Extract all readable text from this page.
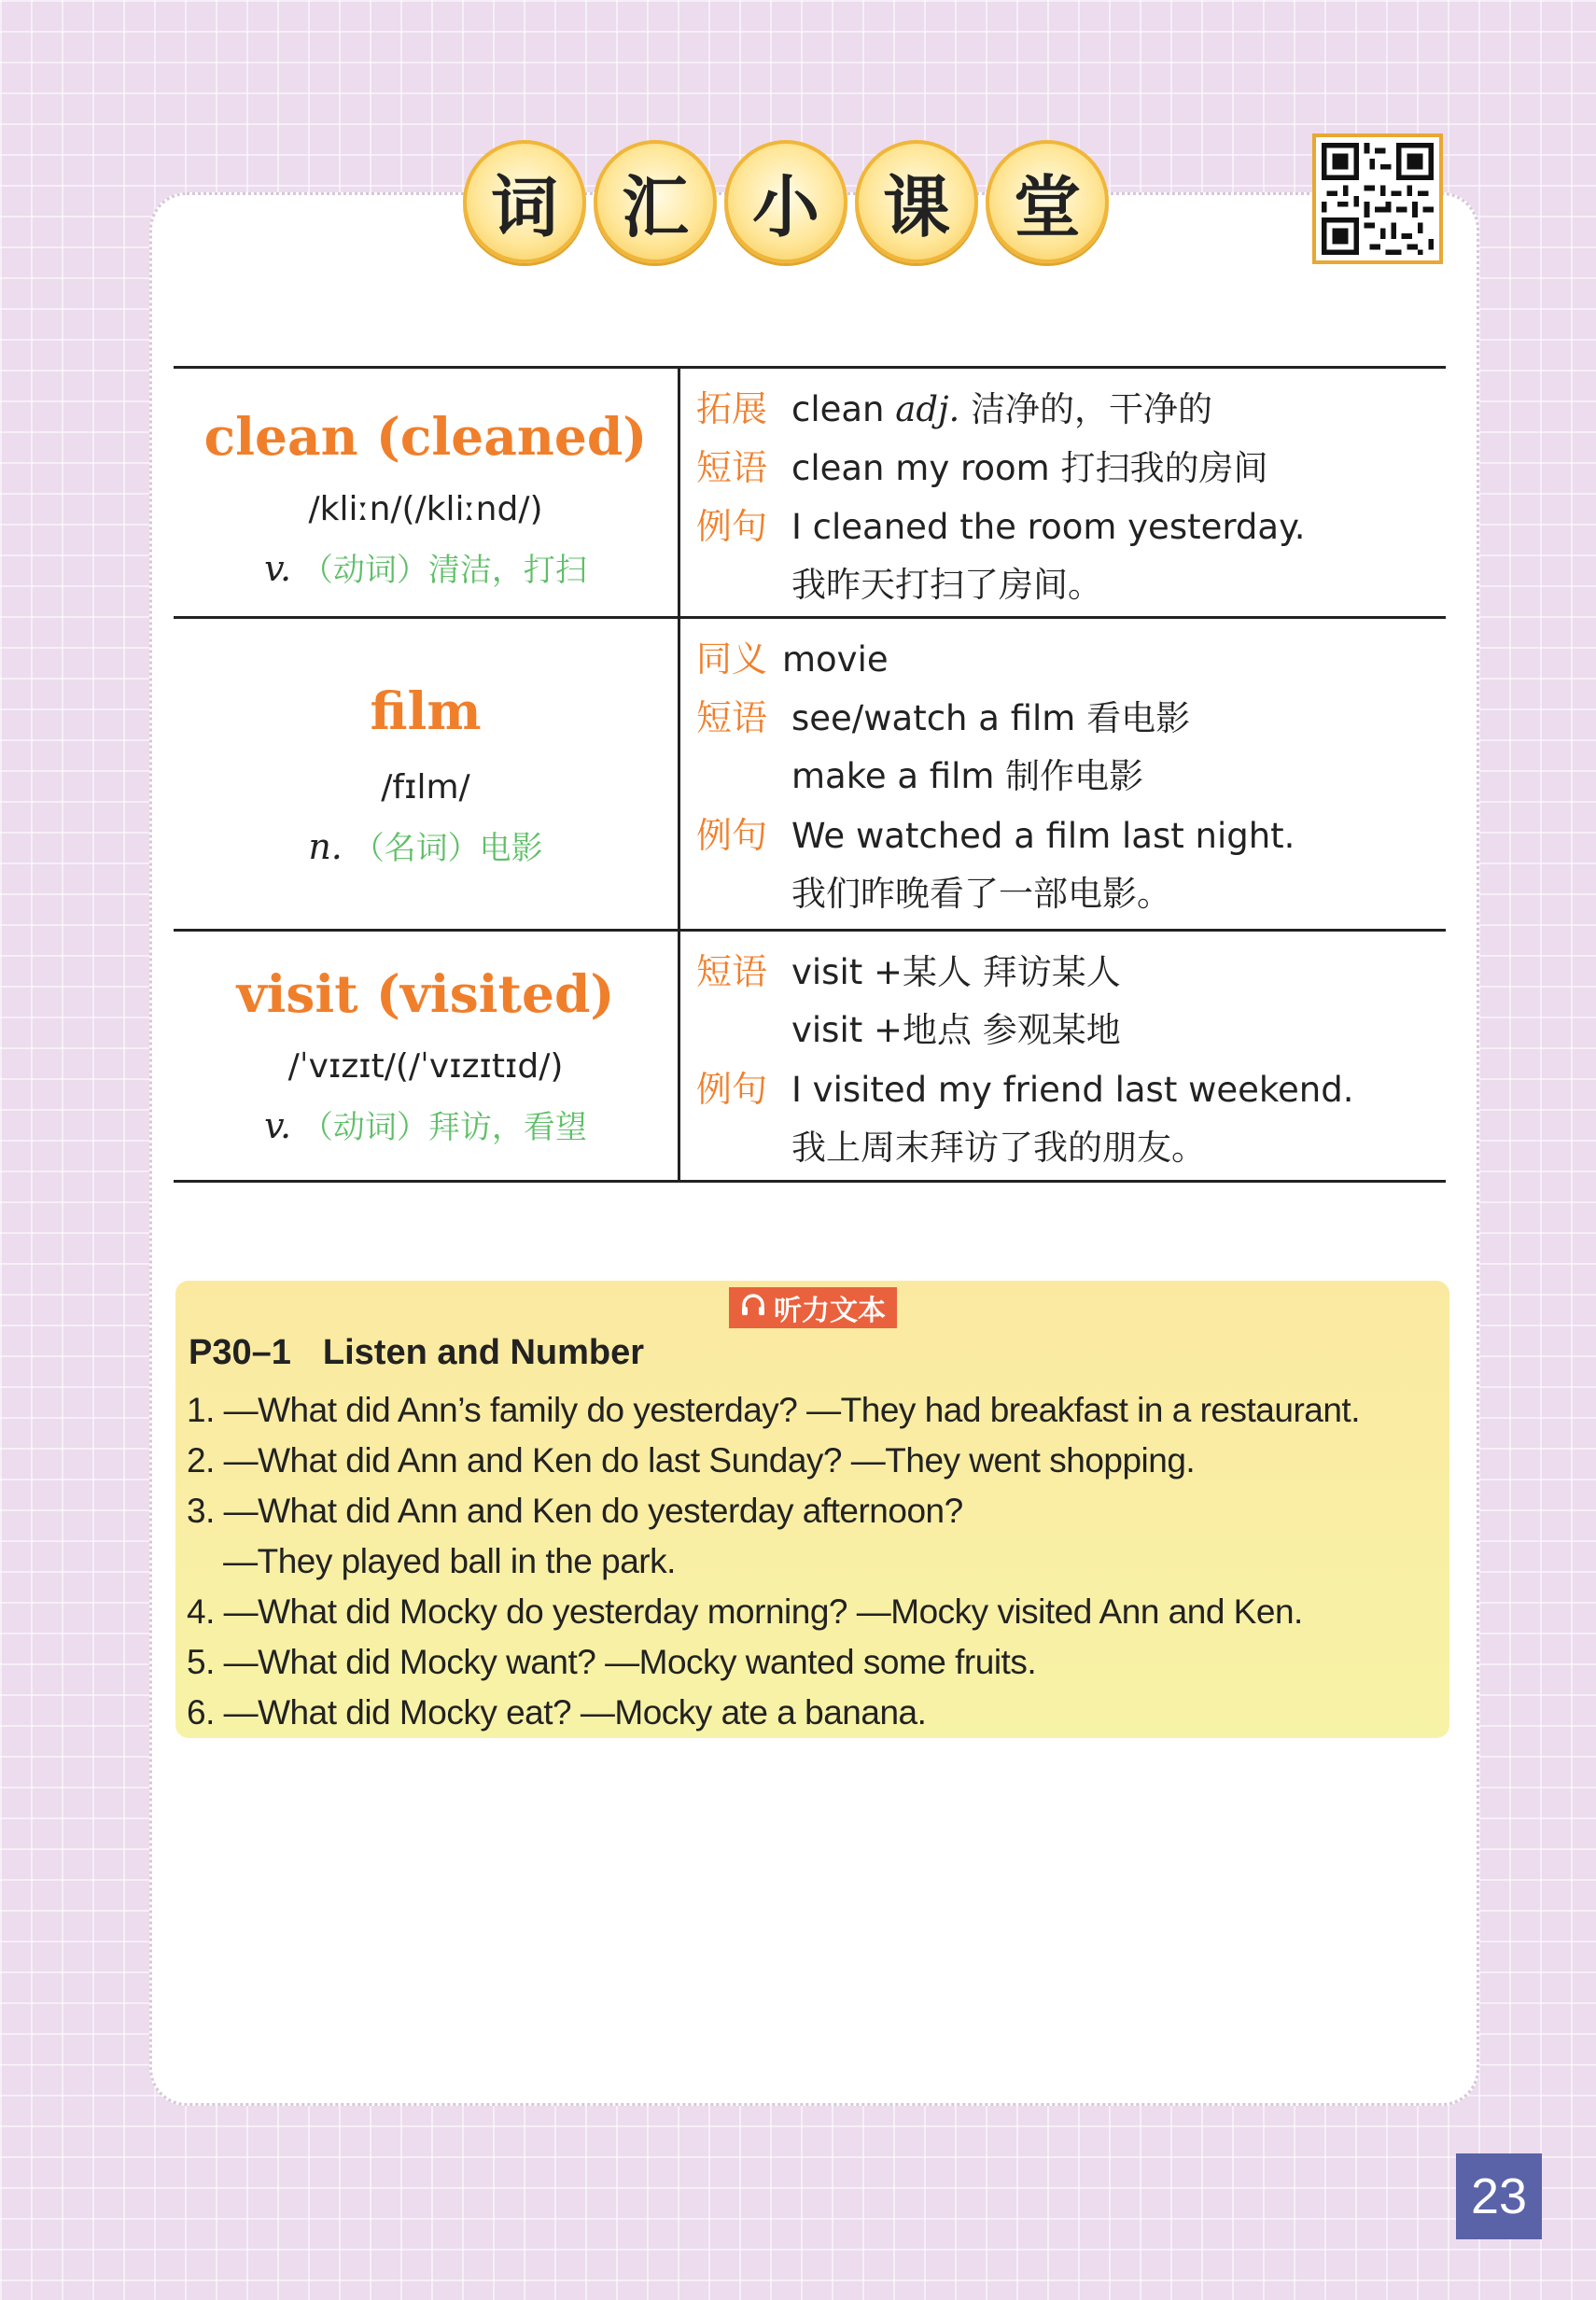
词 汇 小 课 堂
clean (cleaned)
/kliːn/(/kliːnd/)
v. （动词）清洁，打扫
拓展 clean adj. 洁净的，干净的
短语 clean my room 打扫我的房间
例句 I cleaned the room yesterday.
我昨天打扫了房间。
film
/fɪlm/
n. （名词）电影
同义 movie
短语 see/watch a film 看电影
make a film 制作电影
例句 We watched a film last night.
我们昨晚看了一部电影。
visit (visited)
/ˈvɪzɪt/(/ˈvɪzɪtɪd/)
v. （动词）拜访，看望
短语 visit +某人 拜访某人
visit +地点 参观某地
例句 I visited my friend last weekend.
我上周末拜访了我的朋友。
听力文本
P30–1 Listen and Number
1. —What did Ann’s family do yesterday? —They had breakfast in a restaurant.
2. —What did Ann and Ken do last Sunday? —They went shopping.
3. —What did Ann and Ken do yesterday afternoon?
—They played ball in the park.
4. —What did Mocky do yesterday morning? —Mocky visited Ann and Ken.
5. —What did Mocky want? —Mocky wanted some fruits.
6. —What did Mocky eat? —Mocky ate a banana.
23
